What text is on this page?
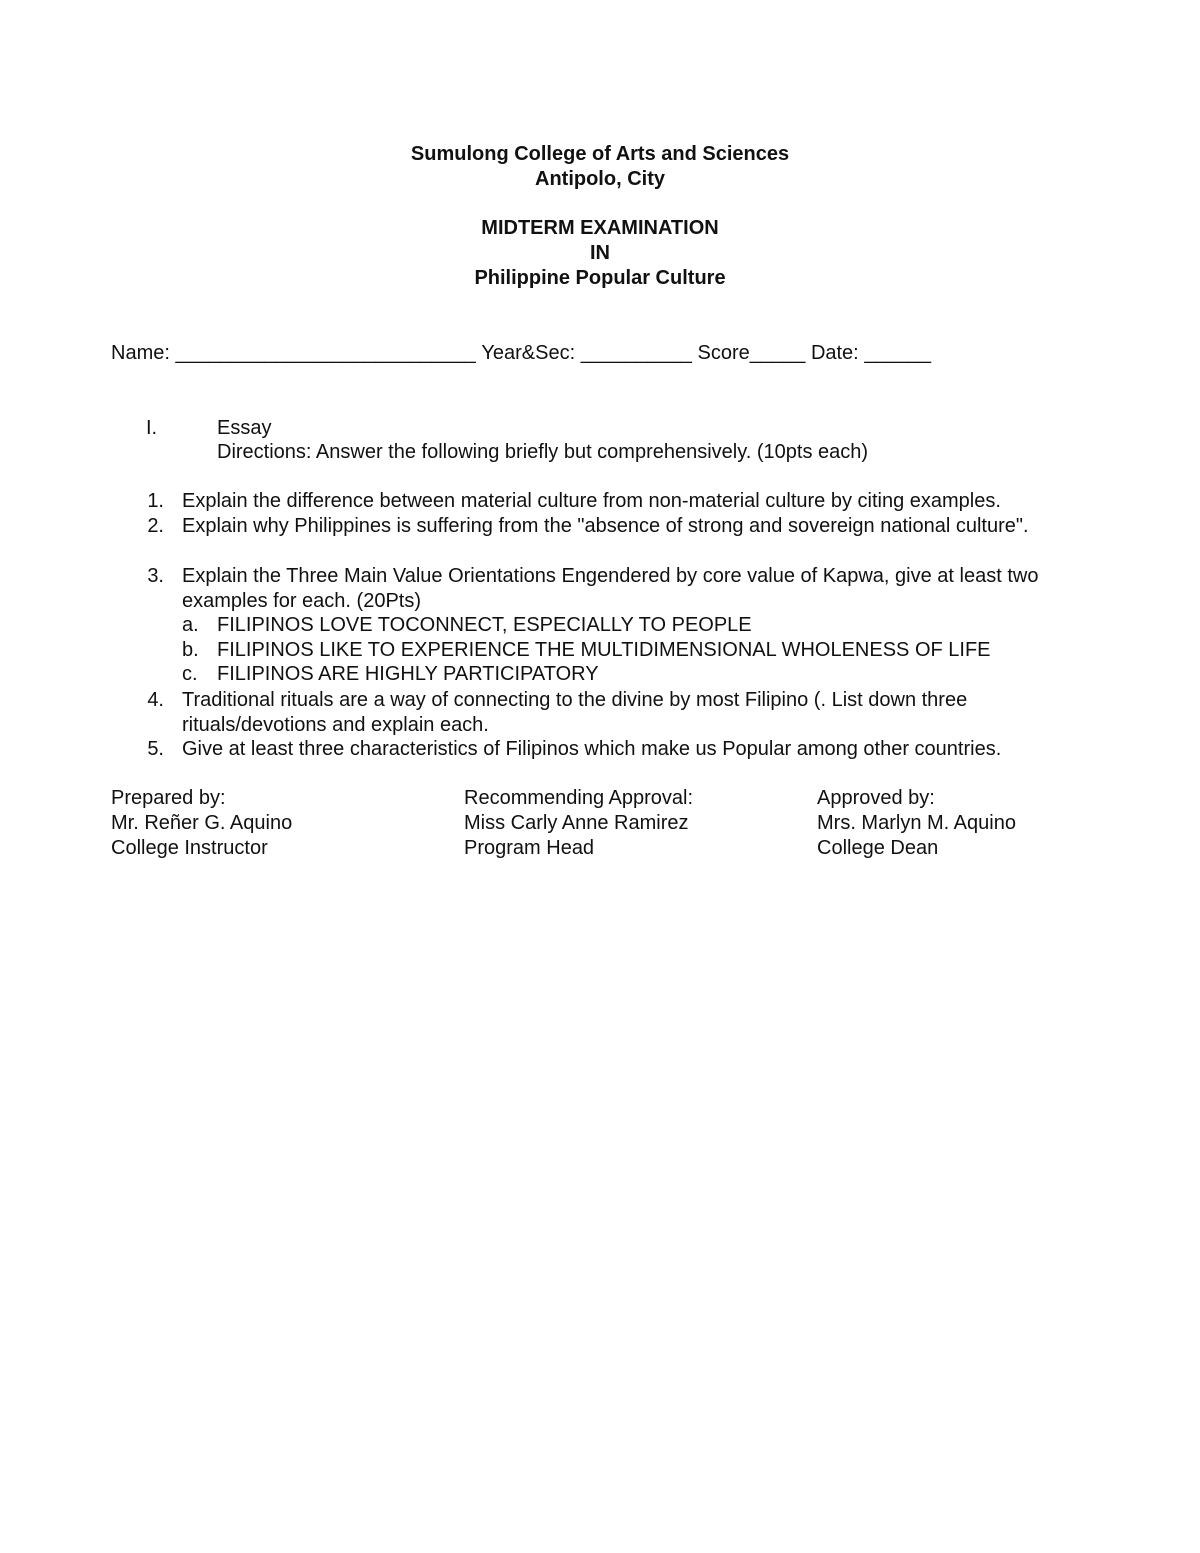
Sumulong College of Arts and Sciences
Antipolo, City
MIDTERM EXAMINATION
IN
Philippine Popular Culture
Name: ___________________________ Year&Sec: __________ Score_____ Date: ______
I.	Essay
Directions: Answer the following briefly but comprehensively. (10pts each)
1. Explain the difference between material culture from non-material culture by citing examples.
2. Explain why Philippines is suffering from the "absence of strong and sovereign national culture".
3. Explain the Three Main Value Orientations Engendered by core value of Kapwa, give at least two examples for each. (20Pts)
a. FILIPINOS LOVE TOCONNECT, ESPECIALLY TO PEOPLE
b. FILIPINOS LIKE TO EXPERIENCE THE MULTIDIMENSIONAL WHOLENESS OF LIFE
c. FILIPINOS ARE HIGHLY PARTICIPATORY
4. Traditional rituals are a way of connecting to the divine by most Filipino (. List down three rituals/devotions and explain each.
5. Give at least three characteristics of Filipinos which make us Popular among other countries.
Prepared by:
Mr. Reñer G. Aquino
College Instructor
Recommending Approval:
Miss Carly Anne Ramirez
Program Head
Approved by:
Mrs. Marlyn M. Aquino
College Dean
